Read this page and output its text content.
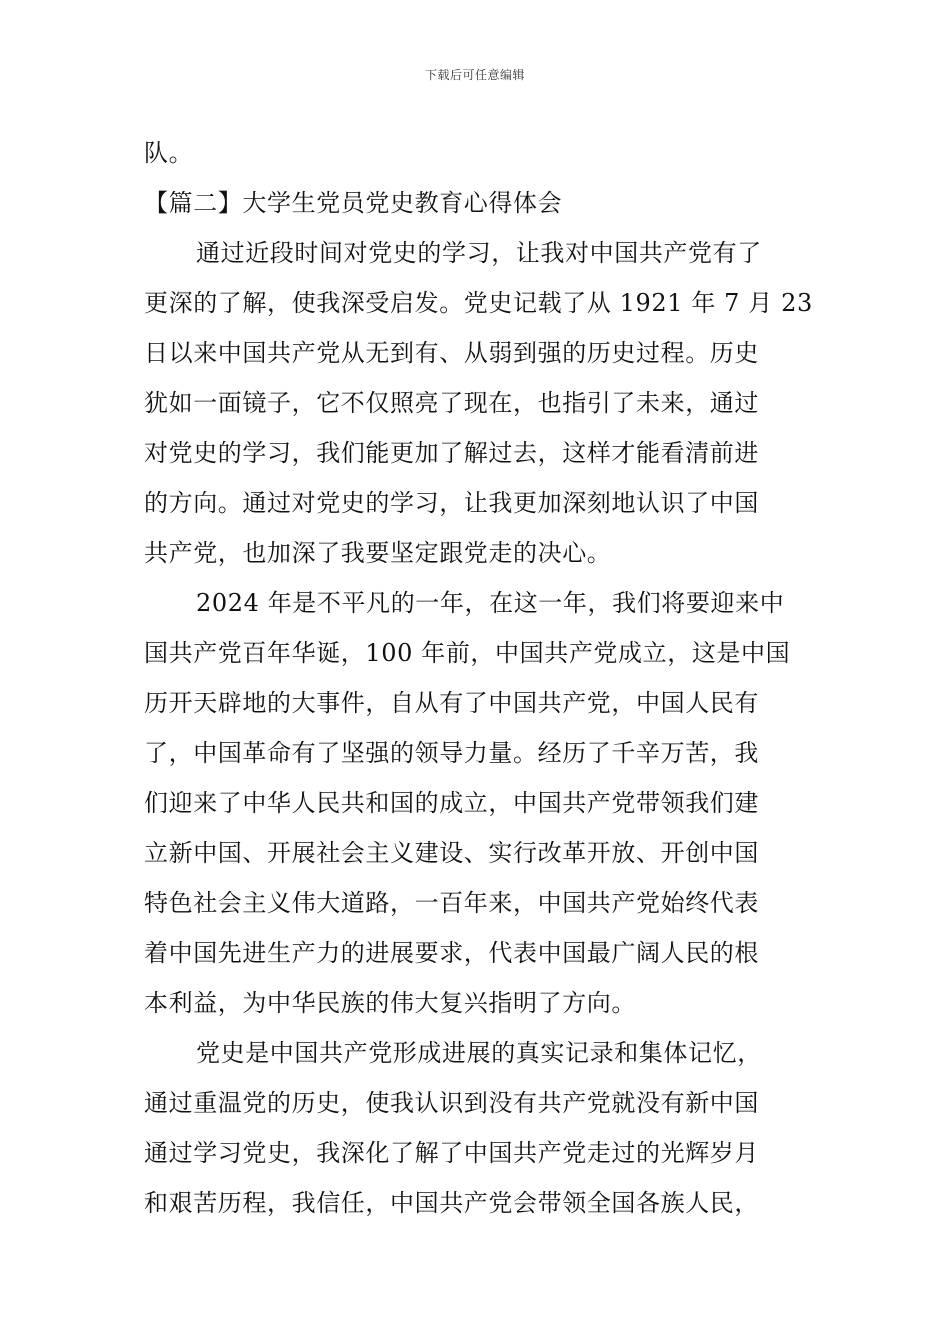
下载后可任意编辑
队。
【篇二】大学生党员党史教育心得体会
通过近段时间对党史的学习，让我对中国共产党有了
更深的了解，使我深受启发。党史记载了从 1921 年 7 月 23
日以来中国共产党从无到有、从弱到强的历史过程。历史
犹如一面镜子，它不仅照亮了现在，也指引了未来，通过
对党史的学习，我们能更加了解过去，这样才能看清前进
的方向。通过对党史的学习，让我更加深刻地认识了中国
共产党，也加深了我要坚定跟党走的决心。
2024 年是不平凡的一年，在这一年，我们将要迎来中
国共产党百年华诞，100 年前，中国共产党成立，这是中国
历开天辟地的大事件，自从有了中国共产党，中国人民有
了，中国革命有了坚强的领导力量。经历了千辛万苦，我
们迎来了中华人民共和国的成立，中国共产党带领我们建
立新中国、开展社会主义建设、实行改革开放、开创中国
特色社会主义伟大道路，一百年来，中国共产党始终代表
着中国先进生产力的进展要求，代表中国最广阔人民的根
本利益，为中华民族的伟大复兴指明了方向。
党史是中国共产党形成进展的真实记录和集体记忆，
通过重温党的历史，使我认识到没有共产党就没有新中国
通过学习党史，我深化了解了中国共产党走过的光辉岁月
和艰苦历程，我信任，中国共产党会带领全国各族人民，
